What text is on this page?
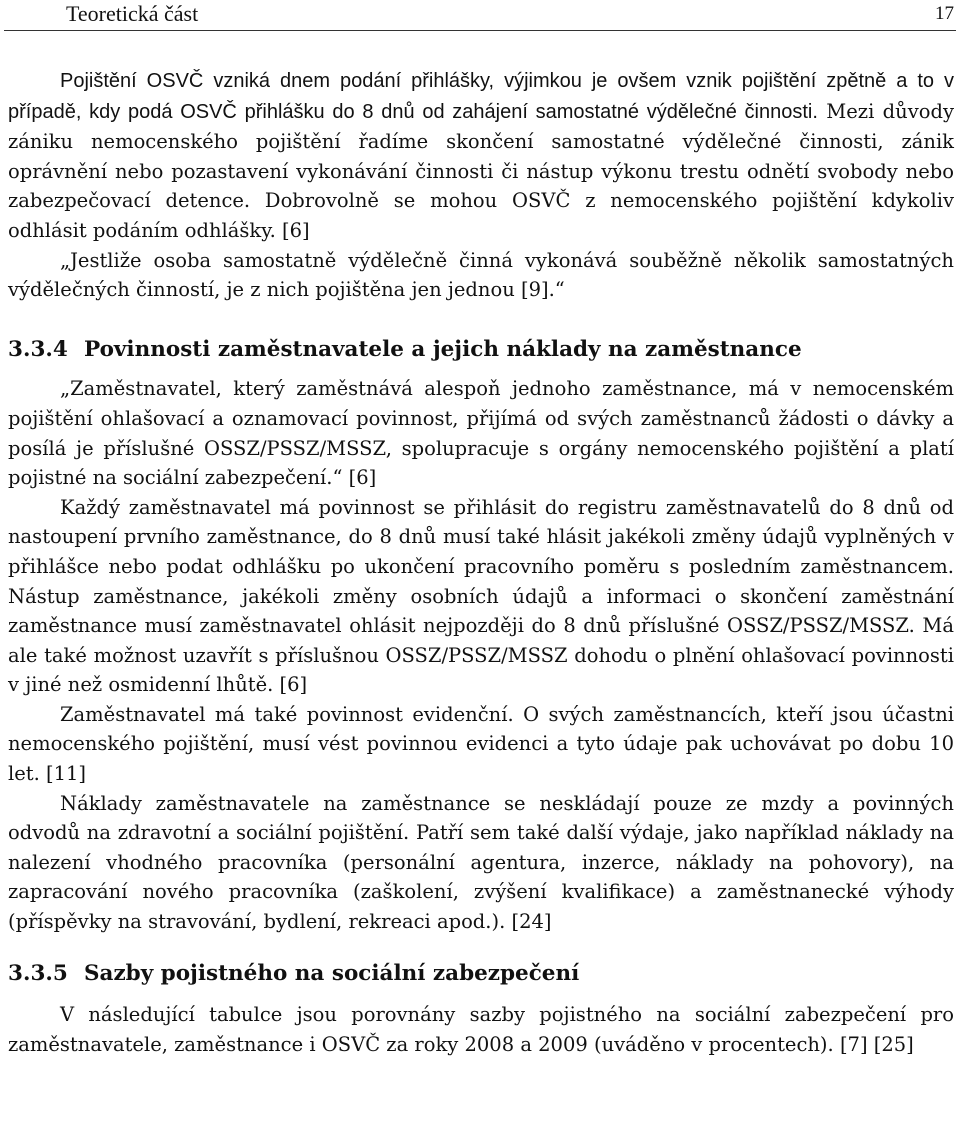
Teoretická část	17

Pojištění OSVČ vzniká dnem podání přihlášky, výjimkou je ovšem vznik pojištění zpětně a to v případě, kdy podá OSVČ přihlášku do 8 dnů od zahájení samostatné výdělečné činnosti. Mezi důvody zániku nemocenského pojištění řadíme skončení samostatné výdělečné činnosti, zánik oprávnění nebo pozastavení vykonávání činnosti či nástup výkonu trestu odnětí svobody nebo zabezpečovací detence. Dobrovolně se mohou OSVČ z nemocenského pojištění kdykoliv odhlásit podáním odhlášky. [6]

„Jestliže osoba samostatně výdělečně činná vykonává souběžně několik samostatných výdělečných činností, je z nich pojištěna jen jednou [9].“

3.3.4 Povinnosti zaměstnavatele a jejich náklady na zaměstnance

„Zaměstnavatel, který zaměstnává alespoň jednoho zaměstnance, má v nemocenském pojištění ohlašovací a oznamovací povinnost, přijímá od svých zaměstnanců žádosti o dávky a posílá je příslušné OSSZ/PSSZ/MSSZ, spolupracuje s orgány nemocenského pojištění a platí pojistné na sociální zabezpečení.“ [6]

Každý zaměstnavatel má povinnost se přihlásit do registru zaměstnavatelů do 8 dnů od nastoupení prvního zaměstnance, do 8 dnů musí také hlásit jakékoli změny údajů vyplněných v přihlášce nebo podat odhlášku po ukončení pracovního poměru s posledním zaměstnancem. Nástup zaměstnance, jakékoli změny osobních údajů a informaci o skončení zaměstnání zaměstnance musí zaměstnavatel ohlásit nejpozději do 8 dnů příslušné OSSZ/PSSZ/MSSZ. Má ale také možnost uzavřít s příslušnou OSSZ/PSSZ/MSSZ dohodu o plnění ohlašovací povinnosti v jiné než osmidenní lhůtě. [6]

Zaměstnavatel má také povinnost evidenční. O svých zaměstnancích, kteří jsou účastni nemocenského pojištění, musí vést povinnou evidenci a tyto údaje pak uchovávat po dobu 10 let. [11]

Náklady zaměstnavatele na zaměstnance se neskládají pouze ze mzdy a povinných odvodů na zdravotní a sociální pojištění. Patří sem také další výdaje, jako například náklady na nalezení vhodného pracovníka (personální agentura, inzerce, náklady na pohovory), na zapracování nového pracovníka (zaškolení, zvýšení kvalifikace) a zaměstnanecké výhody (příspěvky na stravování, bydlení, rekreaci apod.). [24]

3.3.5 Sazby pojistného na sociální zabezpečení

V následující tabulce jsou porovnány sazby pojistného na sociální zabezpečení pro zaměstnavatele, zaměstnance i OSVČ za roky 2008 a 2009 (uváděno v procentech). [7] [25]
